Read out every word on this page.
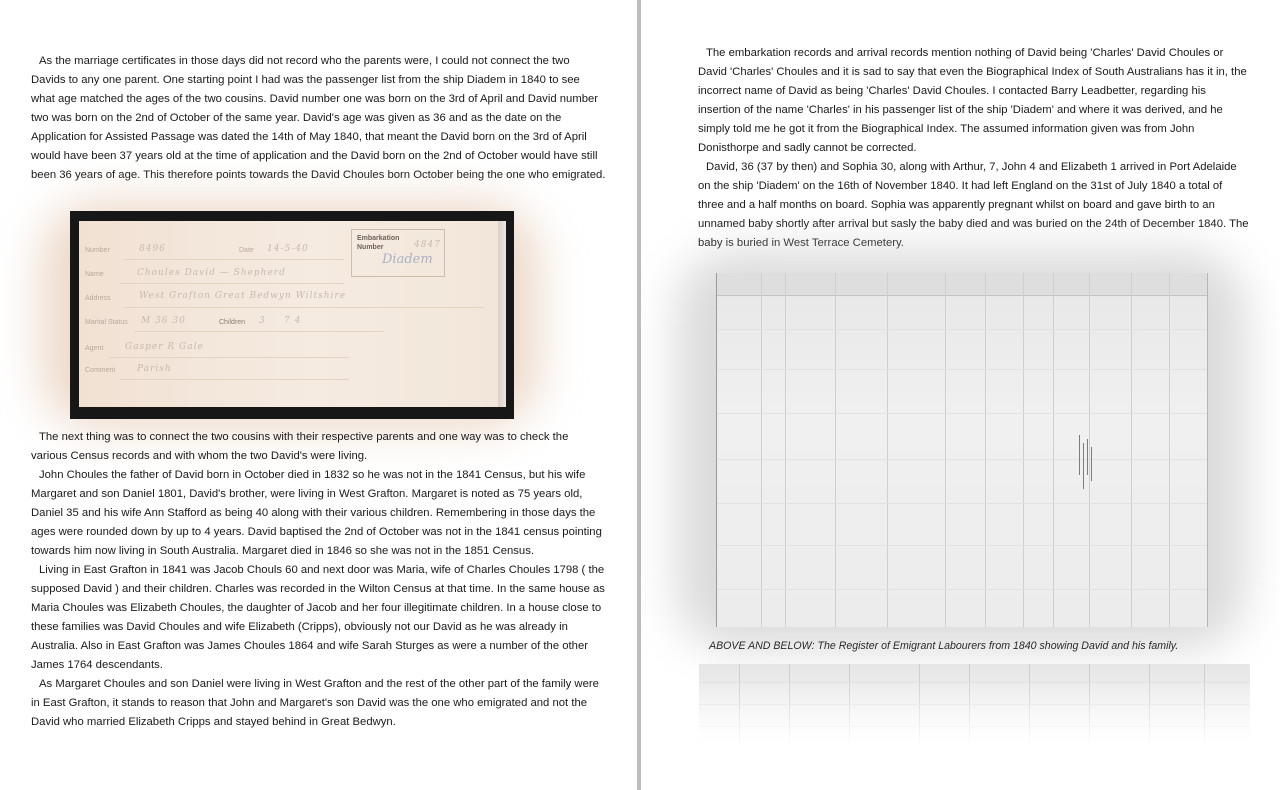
As the marriage certificates in those days did not record who the parents were, I could not connect the two Davids to any one parent. One starting point I had was the passenger list from the ship Diadem in 1840 to see what age matched the ages of the two cousins. David number one was born on the 3rd of April and David number two was born on the 2nd of October of the same year. David's age was given as 36 and as the date on the Application for Assisted Passage was dated the 14th of May 1840, that meant the David born on the 3rd of April would have been 37 years old at the time of application and the David born on the 2nd of October would have still been 36 years of age. This therefore points towards the David Choules born October being the one who emigrated.

Number	8496	Date 14-5-40
Name	Choules David — Shepherd
Address	West Grafton Great Bedwyn Wiltshire
Marital Status M 36 30	Children 3 7 4
Agent Gasper R Gale
Comment Parish
Embarkation Number	4847
Diadem

The next thing was to connect the two cousins with their respective parents and one way was to check the various Census records and with whom the two David's were living.

John Choules the father of David born in October died in 1832 so he was not in the 1841 Census, but his wife Margaret and son Daniel 1801, David's brother, were living in West Grafton. Margaret is noted as 75 years old, Daniel 35 and his wife Ann Stafford as being 40 along with their various children. Remembering in those days the ages were rounded down by up to 4 years. David baptised the 2nd of October was not in the 1841 census pointing towards him now living in South Australia. Margaret died in 1846 so she was not in the 1851 Census.

Living in East Grafton in 1841 was Jacob Chouls 60 and next door was Maria, wife of Charles Choules 1798 ( the supposed David ) and their children. Charles was recorded in the Wilton Census at that time. In the same house as Maria Choules was Elizabeth Choules, the daughter of Jacob and her four illegitimate children. In a house close to these families was David Choules and wife Elizabeth (Cripps), obviously not our David as he was already in Australia. Also in East Grafton was James Choules 1864 and wife Sarah Sturges as were a number of the other James 1764 descendants.

As Margaret Choules and son Daniel were living in West Grafton and the rest of the other part of the family were in East Grafton, it stands to reason that John and Margaret's son David was the one who emigrated and not the David who married Elizabeth Cripps and stayed behind in Great Bedwyn.

The embarkation records and arrival records mention nothing of David being 'Charles' David Choules or David 'Charles' Choules and it is sad to say that even the Biographical Index of South Australians has it in, the incorrect name of David as being 'Charles' David Choules. I contacted Barry Leadbetter, regarding his insertion of the name 'Charles' in his passenger list of the ship 'Diadem' and where it was derived, and he simply told me he got it from the Biographical Index. The assumed information given was from John Donisthorpe and sadly cannot be corrected.

David, 36 (37 by then) and Sophia 30, along with Arthur, 7, John 4 and Elizabeth 1 arrived in Port Adelaide on the ship 'Diadem' on the 16th of November 1840. It had left England on the 31st of July 1840 a total of three and a half months on board. Sophia was apparently pregnant whilst on board and gave birth to an unnamed baby shortly after arrival but sasly the baby died and was buried on the 24th of December 1840. The baby is buried in West Terrace Cemetery.

ABOVE AND BELOW: The Register of Emigrant Labourers from 1840 showing David and his family.
